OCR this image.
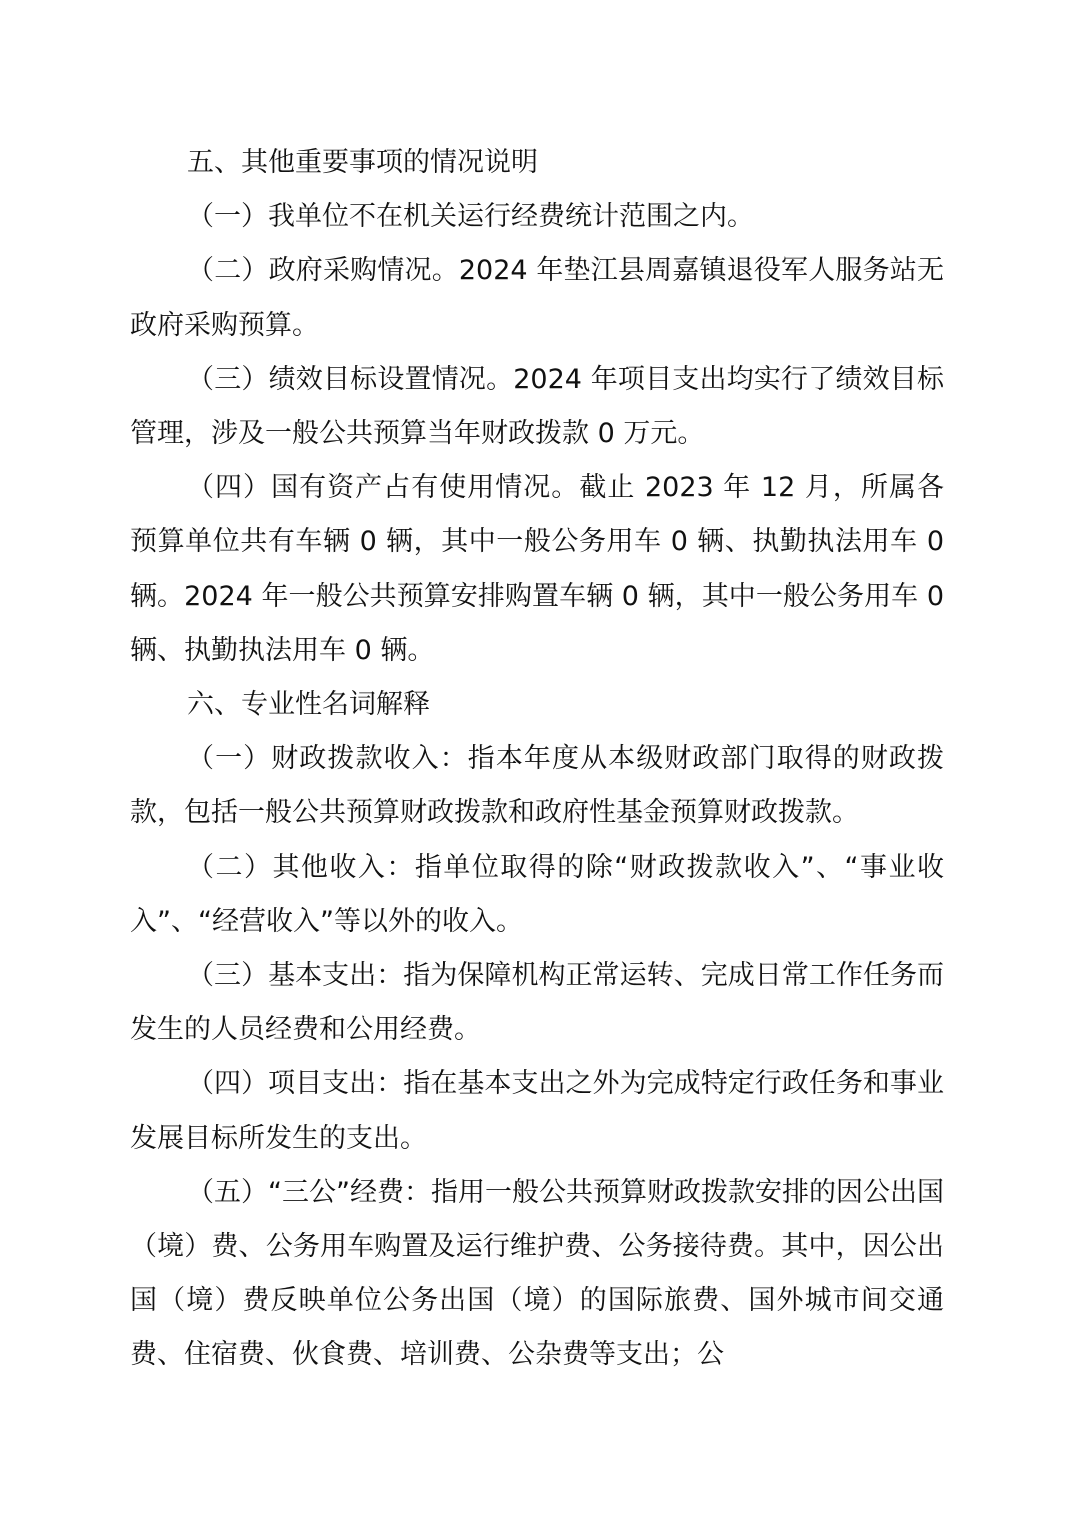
五、其他重要事项的情况说明

（一）我单位不在机关运行经费统计范围之内。

（二）政府采购情况。2024 年垫江县周嘉镇退役军人服务站无政府采购预算。

（三）绩效目标设置情况。2024 年项目支出均实行了绩效目标管理，涉及一般公共预算当年财政拨款 0 万元。

（四）国有资产占有使用情况。截止 2023 年 12 月，所属各预算单位共有车辆 0 辆，其中一般公务用车 0 辆、执勤执法用车 0 辆。2024 年一般公共预算安排购置车辆 0 辆，其中一般公务用车 0 辆、执勤执法用车 0 辆。

六、专业性名词解释

（一）财政拨款收入：指本年度从本级财政部门取得的财政拨款，包括一般公共预算财政拨款和政府性基金预算财政拨款。

（二）其他收入：指单位取得的除“财政拨款收入”、“事业收入”、“经营收入”等以外的收入。

（三）基本支出：指为保障机构正常运转、完成日常工作任务而发生的人员经费和公用经费。

（四）项目支出：指在基本支出之外为完成特定行政任务和事业发展目标所发生的支出。

（五）“三公”经费：指用一般公共预算财政拨款安排的因公出国（境）费、公务用车购置及运行维护费、公务接待费。其中，因公出国（境）费反映单位公务出国（境）的国际旅费、国外城市间交通费、住宿费、伙食费、培训费、公杂费等支出；公
